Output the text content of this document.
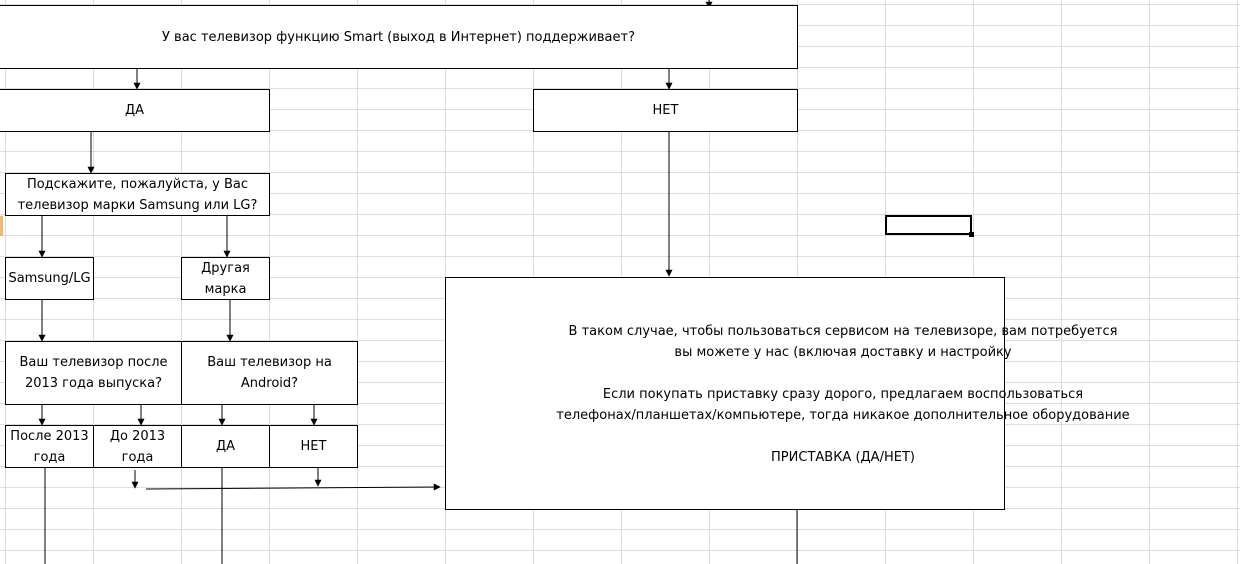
У вас телевизор функцию Smart (выход в Интернет) поддерживает?
ДА	НЕТ
Подскажите, пожалуйста, у Вас
телевизор марки Samsung или LG?
Samsung/LG
Другая
марка
Ваш телевизор после
2013 года выпуска?
Ваш телевизор на
Android?
После 2013
года
До 2013
года
ДА	НЕТ
В таком случае, чтобы пользоваться сервисом на телевизоре, вам потребуется
вы можете у нас (включая доставку и настройку
Если покупать приставку сразу дорого, предлагаем воспользоваться
телефонах/планшетах/компьютере, тогда никакое дополнительное оборудование
ПРИСТАВКА (ДА/НЕТ)
